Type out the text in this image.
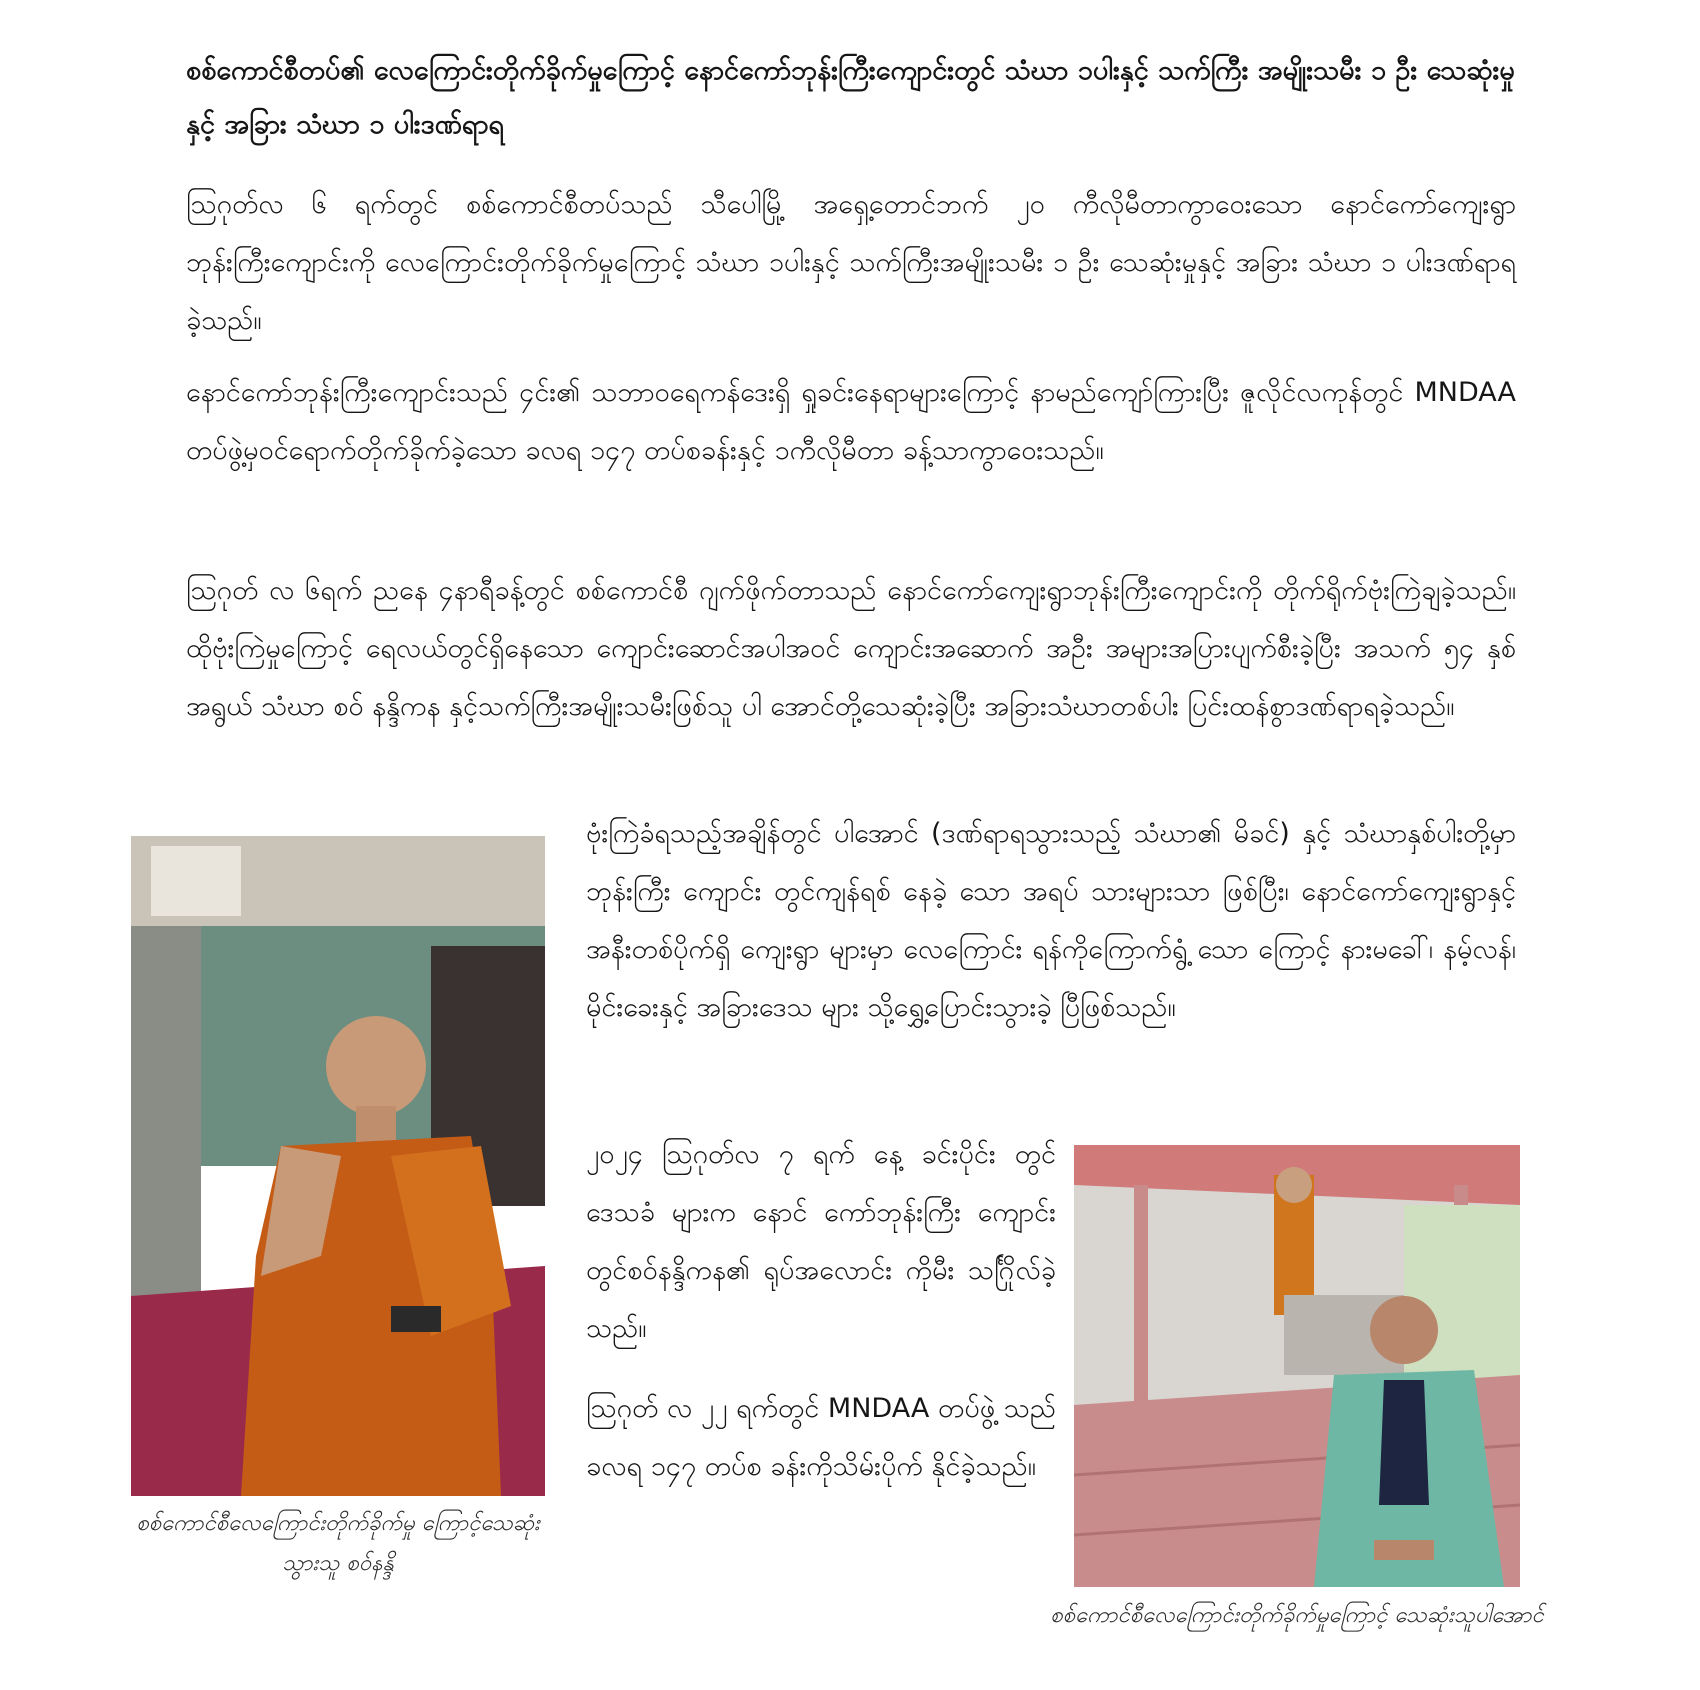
စစ်ကောင်စီတပ်၏ လေကြောင်းတိုက်ခိုက်မှုကြောင့် နောင်ကော်ဘုန်းကြီးကျောင်းတွင် သံဃာ ၁ပါးနှင့် သက်ကြီး အမျိုးသမီး ၁ ဦး သေဆုံးမှုနှင့် အခြား သံဃာ ၁ ပါးဒဏ်ရာရ

ဩဂုတ်လ ၆ ရက်တွင် စစ်ကောင်စီတပ်သည် သီပေါမြို့ အရှေ့တောင်ဘက် ၂၀ ကီလိုမီတာကွာဝေးသော နောင်ကော်ကျေးရွာဘုန်းကြီးကျောင်းကို လေကြောင်းတိုက်ခိုက်မှုကြောင့် သံဃာ ၁ပါးနှင့် သက်ကြီးအမျိုးသမီး ၁ ဦး သေဆုံးမှုနှင့် အခြား သံဃာ ၁ ပါးဒဏ်ရာရခဲ့သည်။

နောင်ကော်ဘုန်းကြီးကျောင်းသည် ၄င်း၏ သဘာဝရေကန်ဒေးရှိ ရှုခင်းနေရာများကြောင့် နာမည်ကျော်ကြားပြီး ဇူလိုင်လကုန်တွင် MNDAA တပ်ဖွဲ့မှဝင်ရောက်တိုက်ခိုက်ခဲ့သော ခလရ ၁၄၇ တပ်စခန်းနှင့် ၁ကီလိုမီတာ ခန့်သာကွာဝေးသည်။

ဩဂုတ် လ ၆ရက် ညနေ ၄နာရီခန့်တွင် စစ်ကောင်စီ ဂျက်ဖိုက်တာသည် နောင်ကော်ကျေးရွာဘုန်းကြီးကျောင်းကို တိုက်ရိုက်ဗုံးကြဲချခဲ့သည်။ ထိုဗုံးကြဲမှုကြောင့် ရေလယ်တွင်ရှိနေသော ကျောင်းဆောင်အပါအဝင် ကျောင်းအဆောက် အဦး အများအပြားပျက်စီးခဲ့ပြီး အသက် ၅၄ နှစ်အရွယ် သံဃာ စဝ် နန္ဒိကန နှင့်သက်ကြီးအမျိုးသမီးဖြစ်သူ ပါ အောင်တို့သေဆုံးခဲ့ပြီး အခြားသံဃာတစ်ပါး ပြင်းထန်စွာဒဏ်ရာရခဲ့သည်။

ဗုံးကြဲခံရသည့်အချိန်တွင် ပါအောင် (ဒဏ်ရာရသွားသည့် သံဃာ၏ မိခင်) နှင့် သံဃာနှစ်ပါးတို့မှာ ဘုန်းကြီး ကျောင်း တွင်ကျန်ရစ် နေခဲ့ သော အရပ် သားများသာ ဖြစ်ပြီး၊ နောင်ကော်ကျေးရွာနှင့် အနီးတစ်ပိုက်ရှိ ကျေးရွာ များမှာ လေကြောင်း ရန်ကိုကြောက်ရွံ့ သော ကြောင့် နားမခေါ်၊ နမ့်လန်၊ မိုင်းခေးနှင့် အခြားဒေသ များ သို့ရွှေ့ပြောင်းသွားခဲ့ ပြီဖြစ်သည်။

၂၀၂၄ ဩဂုတ်လ ၇ ရက် နေ့ ခင်းပိုင်း တွင် ဒေသခံ များက နောင် ကော်ဘုန်းကြီး ကျောင်းတွင်စဝ်နန္ဒိကန၏ ရုပ်အလောင်း ကိုမီး သင်္ဂြိုလ်ခဲ့သည်။

ဩဂုတ် လ ၂၂ ရက်တွင် MNDAA တပ်ဖွဲ့ သည် ခလရ ၁၄၇ တပ်စ ခန်းကိုသိမ်းပိုက် နိုင်ခဲ့သည်။

စစ်ကောင်စီလေကြောင်းတိုက်ခိုက်မှု ကြောင့်သေဆုံးသွားသူ စဝ်နန္ဒိ

စစ်ကောင်စီလေကြောင်းတိုက်ခိုက်မှုကြောင့် သေဆုံးသူပါအောင်
